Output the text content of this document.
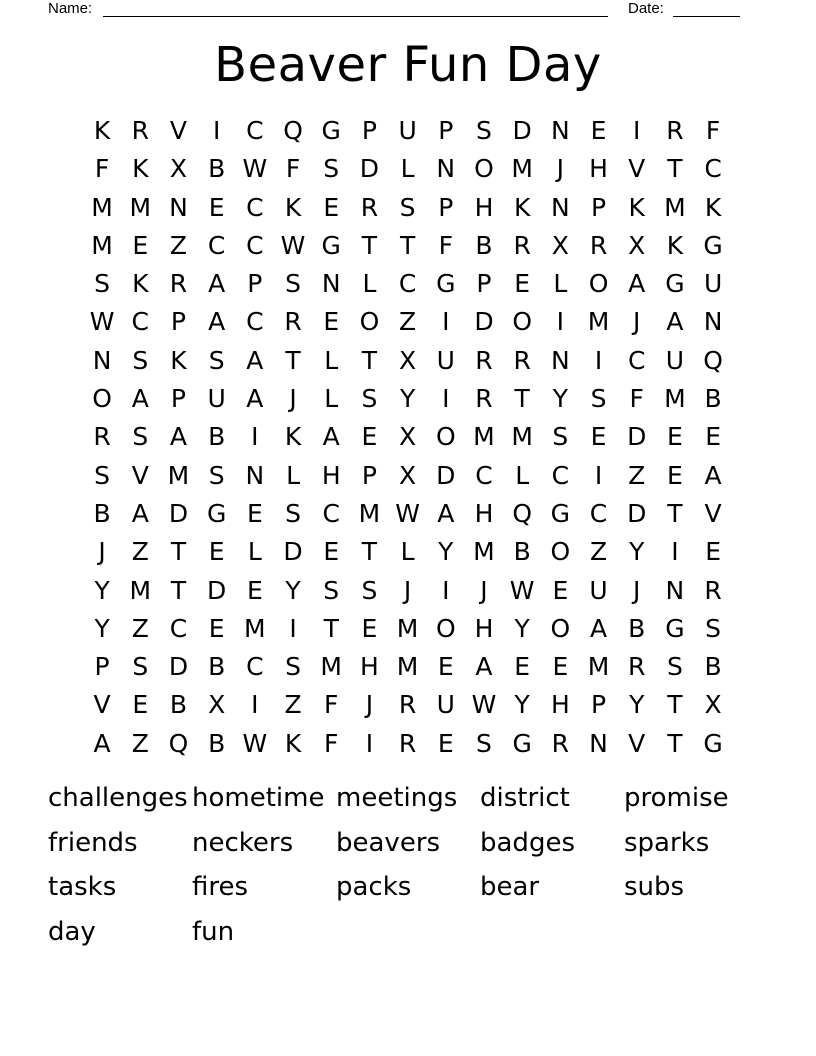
Name:	Date:
Beaver Fun Day
K R V	I	C Q G P U P S D N E	I	R F
F K X B W F S D L N O M J	H V T C
M M N E C K E R S P H K N P K M K
M E Z C C W G T T F B R X R X K G
S K R A P S N L C G P E L O A G U
W C P A C R E O Z	I D O I M J	A N
N S K S A T L T X U R R N	I	C U Q
O A P U A	J	L S Y	I	R T Y S F M B
R S A B	I	K A E X O M M S E D E E
S V M S N L H P X D C L C	I	Z E A
B A D G E S C M W A H Q G C D T V
J	Z T E L D E T L Y M B O Z Y	I	E
Y M T D E Y S S	J	I	J W E U	J	N R
Y Z C E M I	T E M O H Y O A B G S
P S D B C S M H M E A E E M R S B
V E B X	I	Z F	J	R U W Y H P Y T X
A Z Q B W K F	I	R E S G R N V T G
challenges hometime meetings district	promise
friends	neckers	beavers	badges	sparks
tasks	fires	packs	bear	subs
day	fun
